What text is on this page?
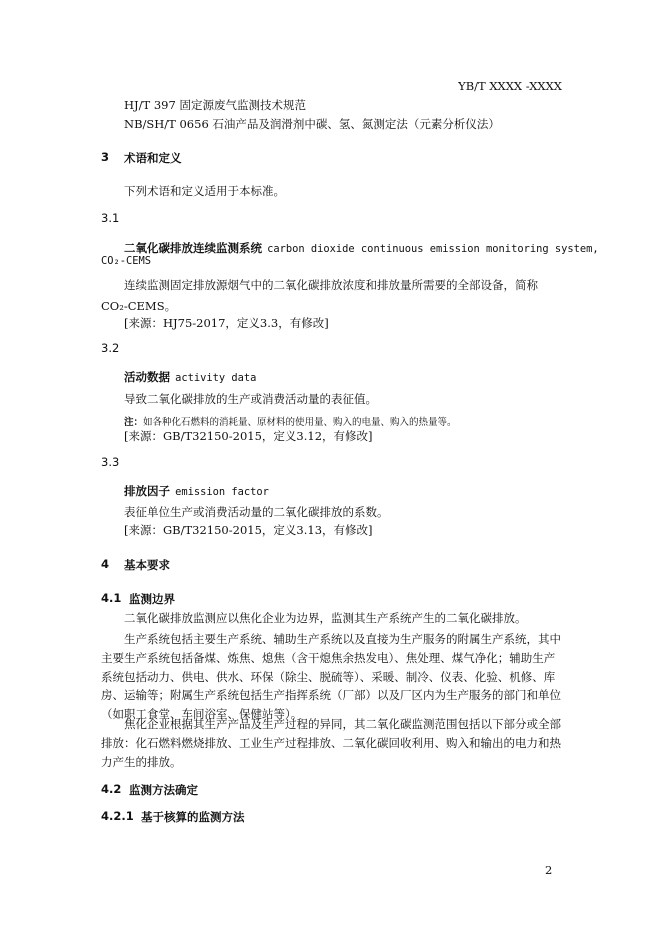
YB/T XXXX -XXXX
HJ/T 397 固定源废气监测技术规范
NB/SH/T 0656 石油产品及润滑剂中碳、氢、氮测定法（元素分析仪法）
3 术语和定义
下列术语和定义适用于本标准。
3.1
二氧化碳排放连续监测系统 carbon dioxide continuous emission monitoring system,
CO₂-CEMS
连续监测固定排放源烟气中的二氧化碳排放浓度和排放量所需要的全部设备，简称CO₂-CEMS。
[来源：HJ75-2017，定义3.3，有修改]
3.2
活动数据 activity data
导致二氧化碳排放的生产或消费活动量的表征值。
注：如各种化石燃料的消耗量、原材料的使用量、购入的电量、购入的热量等。
[来源：GB/T32150-2015，定义3.12，有修改]
3.3
排放因子 emission factor
表征单位生产或消费活动量的二氧化碳排放的系数。
[来源：GB/T32150-2015，定义3.13，有修改]
4 基本要求
4.1 监测边界
二氧化碳排放监测应以焦化企业为边界，监测其生产系统产生的二氧化碳排放。
生产系统包括主要生产系统、辅助生产系统以及直接为生产服务的附属生产系统，其中主要生产系统包括备煤、炼焦、熄焦（含干熄焦余热发电）、焦处理、煤气净化；辅助生产系统包括动力、供电、供水、环保（除尘、脱硫等）、采暖、制冷、仪表、化验、机修、库房、运输等；附属生产系统包括生产指挥系统（厂部）以及厂区内为生产服务的部门和单位（如职工食堂、车间浴室、保健站等）。
焦化企业根据其生产产品及生产过程的异同，其二氧化碳监测范围包括以下部分或全部排放：化石燃料燃烧排放、工业生产过程排放、二氧化碳回收利用、购入和输出的电力和热力产生的排放。
4.2 监测方法确定
4.2.1 基于核算的监测方法
2
